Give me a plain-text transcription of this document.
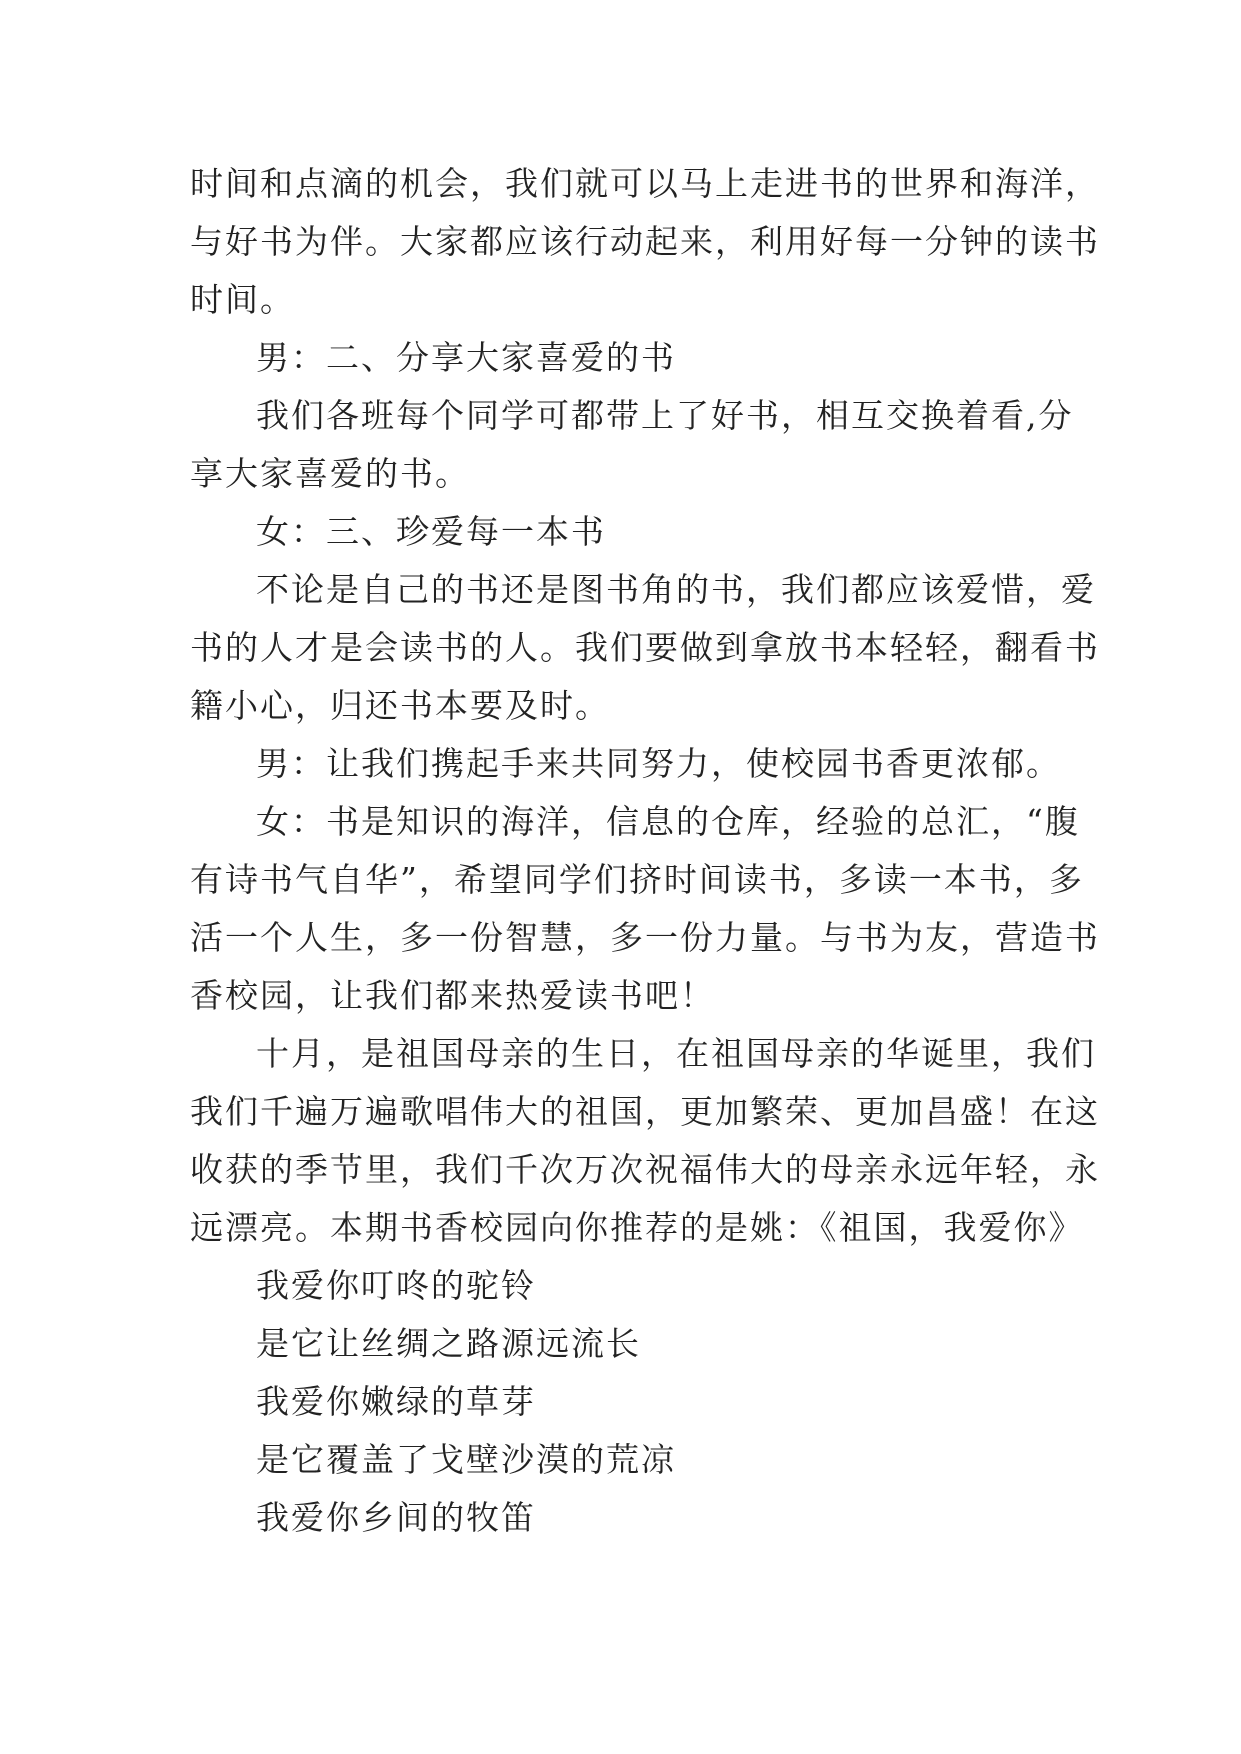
时间和点滴的机会，我们就可以马上走进书的世界和海洋，
与好书为伴。大家都应该行动起来，利用好每一分钟的读书
时间。
男：二、分享大家喜爱的书
我们各班每个同学可都带上了好书，相互交换着看,分
享大家喜爱的书。
女：三、珍爱每一本书
不论是自己的书还是图书角的书，我们都应该爱惜，爱
书的人才是会读书的人。我们要做到拿放书本轻轻，翻看书
籍小心，归还书本要及时。
男：让我们携起手来共同努力，使校园书香更浓郁。
女：书是知识的海洋，信息的仓库，经验的总汇，“腹
有诗书气自华”，希望同学们挤时间读书，多读一本书，多
活一个人生，多一份智慧，多一份力量。与书为友，营造书
香校园，让我们都来热爱读书吧！
十月，是祖国母亲的生日，在祖国母亲的华诞里，我们
我们千遍万遍歌唱伟大的祖国，更加繁荣、更加昌盛！在这
收获的季节里，我们千次万次祝福伟大的母亲永远年轻，永
远漂亮。本期书香校园向你推荐的是姚：《祖国，我爱你》
我爱你叮咚的驼铃
是它让丝绸之路源远流长
我爱你嫩绿的草芽
是它覆盖了戈壁沙漠的荒凉
我爱你乡间的牧笛
